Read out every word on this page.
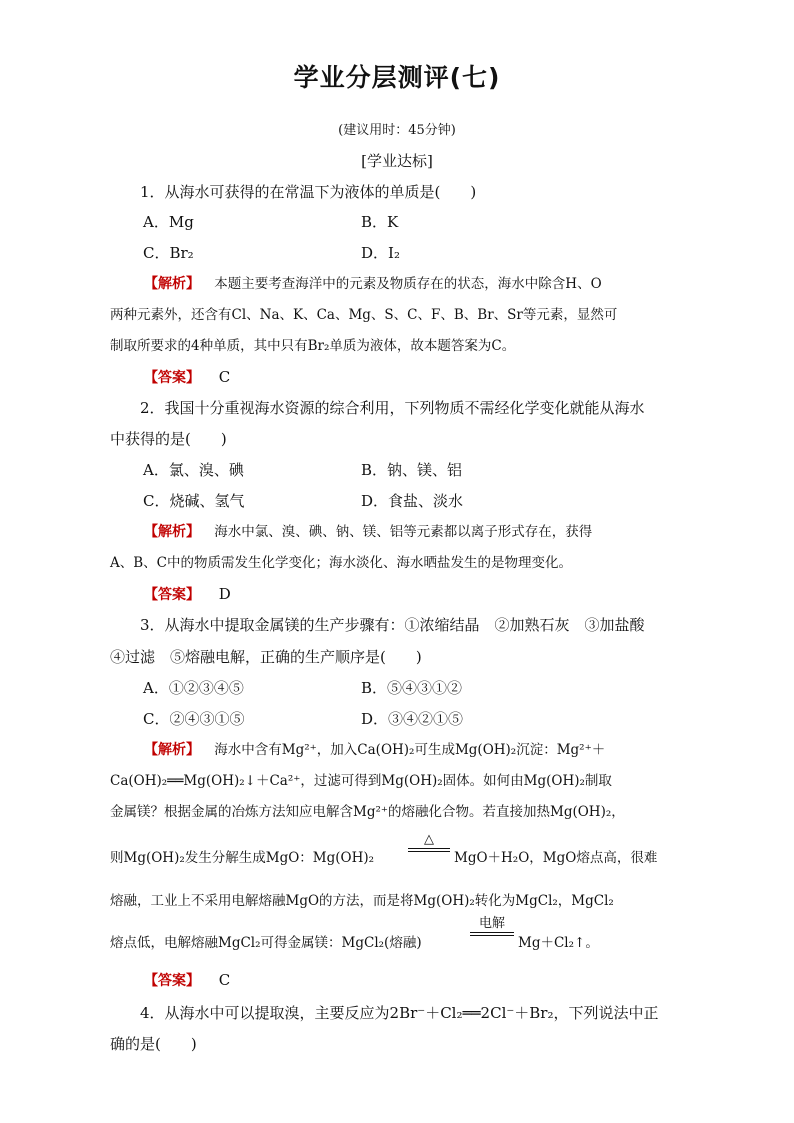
学业分层测评(七)
(建议用时：45分钟)
[学业达标]
1．从海水可获得的在常温下为液体的单质是(　　)
A．Mg	B．K
C．Br₂	D．I₂
【解析】 本题主要考查海洋中的元素及物质存在的状态，海水中除含H、O
两种元素外，还含有Cl、Na、K、Ca、Mg、S、C、F、B、Br、Sr等元素，显然可
制取所要求的4种单质，其中只有Br₂单质为液体，故本题答案为C。
【答案】 C
2．我国十分重视海水资源的综合利用，下列物质不需经化学变化就能从海水
中获得的是(　　)
A．氯、溴、碘	B．钠、镁、铝
C．烧碱、氢气	D．食盐、淡水
【解析】 海水中氯、溴、碘、钠、镁、铝等元素都以离子形式存在，获得
A、B、C中的物质需发生化学变化；海水淡化、海水晒盐发生的是物理变化。
【答案】 D
3．从海水中提取金属镁的生产步骤有：①浓缩结晶　②加熟石灰　③加盐酸
④过滤　⑤熔融电解，正确的生产顺序是(　　)
A．①②③④⑤	B．⑤④③①②
C．②④③①⑤	D．③④②①⑤
【解析】 海水中含有Mg²⁺，加入Ca(OH)₂可生成Mg(OH)₂沉淀：Mg²⁺＋
Ca(OH)₂══Mg(OH)₂↓＋Ca²⁺，过滤可得到Mg(OH)₂固体。如何由Mg(OH)₂制取
金属镁？根据金属的冶炼方法知应电解含Mg²⁺的熔融化合物。若直接加热Mg(OH)₂，
则Mg(OH)₂发生分解生成MgO：Mg(OH)₂
△
MgO＋H₂O，MgO熔点高，很难
熔融，工业上不采用电解熔融MgO的方法，而是将Mg(OH)₂转化为MgCl₂，MgCl₂
熔点低，电解熔融MgCl₂可得金属镁：MgCl₂(熔融)
电解
Mg＋Cl₂↑。
【答案】 C
4．从海水中可以提取溴，主要反应为2Br⁻＋Cl₂══2Cl⁻＋Br₂，下列说法中正
确的是(　　)
